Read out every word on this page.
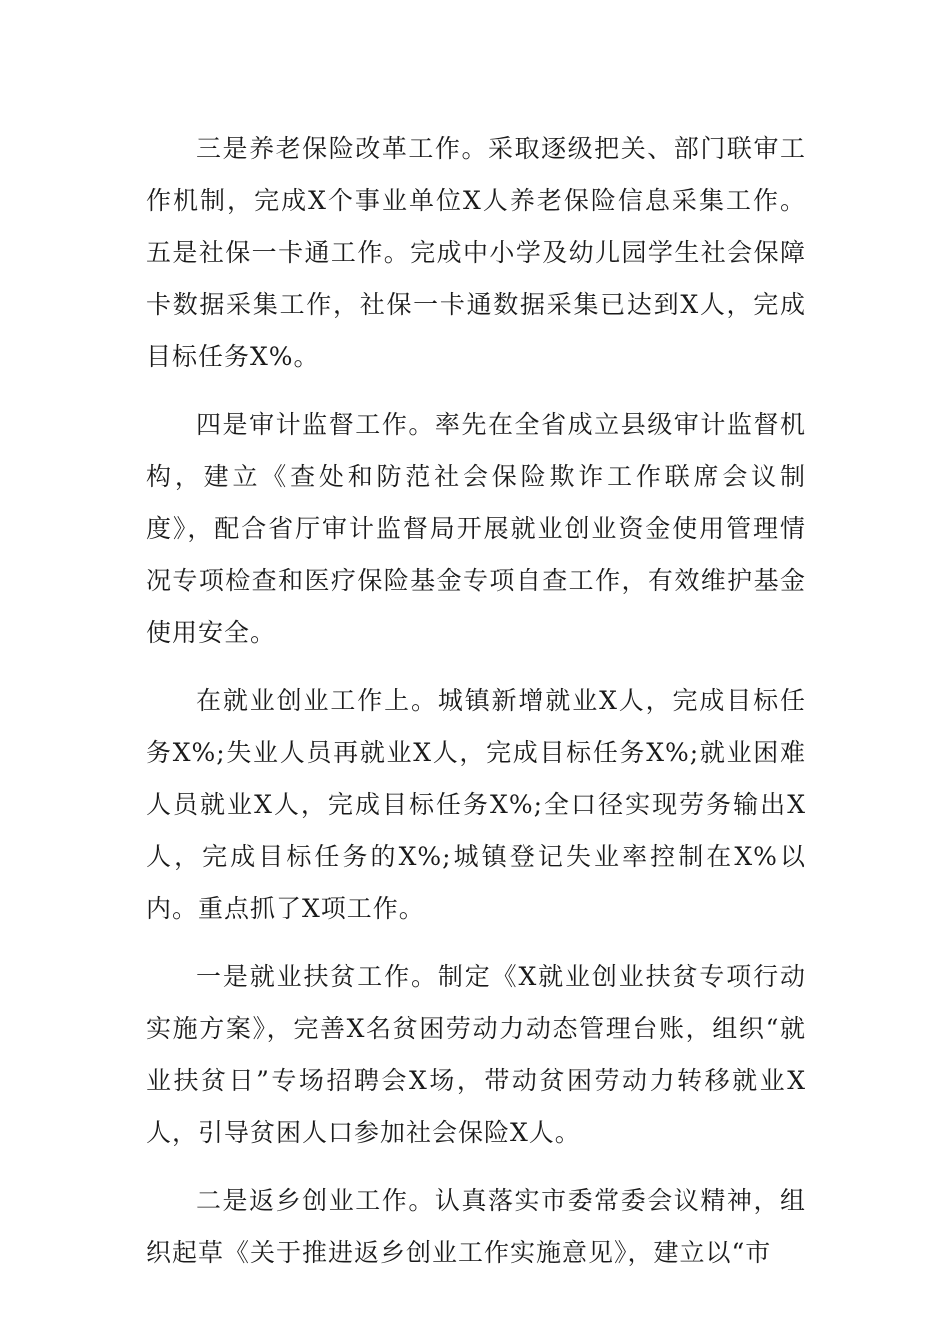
三是养老保险改革工作。采取逐级把关、部门联审工作机制，完成X个事业单位X人养老保险信息采集工作。五是社保一卡通工作。完成中小学及幼儿园学生社会保障卡数据采集工作，社保一卡通数据采集已达到X人，完成目标任务X%。

四是审计监督工作。率先在全省成立县级审计监督机构，建立《查处和防范社会保险欺诈工作联席会议制度》，配合省厅审计监督局开展就业创业资金使用管理情况专项检查和医疗保险基金专项自查工作，有效维护基金使用安全。

在就业创业工作上。城镇新增就业X人，完成目标任务X%;失业人员再就业X人，完成目标任务X%;就业困难人员就业X人，完成目标任务X%;全口径实现劳务输出X人，完成目标任务的X%;城镇登记失业率控制在X%以内。重点抓了X项工作。

一是就业扶贫工作。制定《X就业创业扶贫专项行动实施方案》，完善X名贫困劳动力动态管理台账，组织“就业扶贫日”专场招聘会X场，带动贫困劳动力转移就业X人，引导贫困人口参加社会保险X人。

二是返乡创业工作。认真落实市委常委会议精神，组织起草《关于推进返乡创业工作实施意见》，建立以“市
